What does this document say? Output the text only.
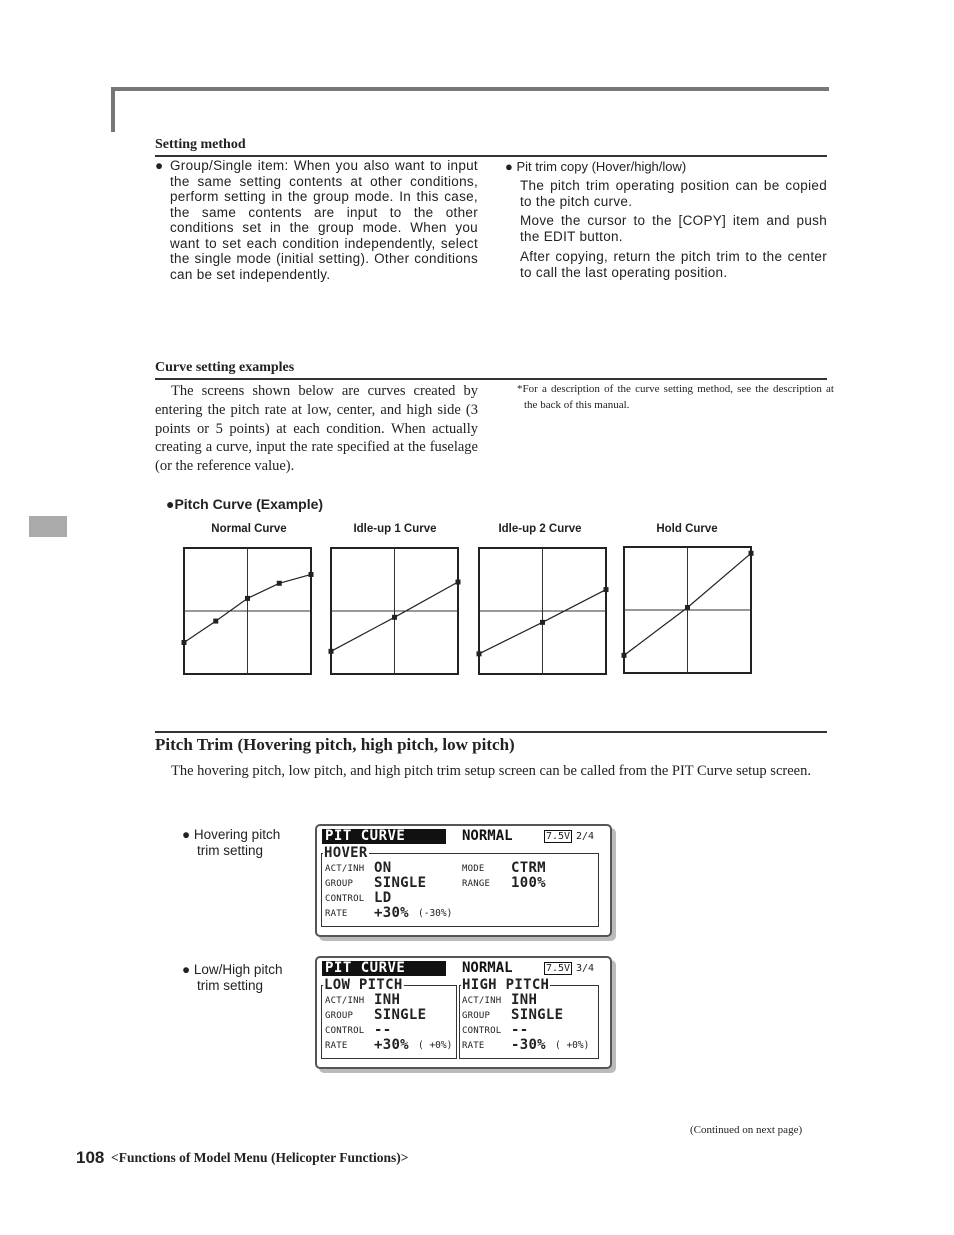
Setting method
● Group/Single item: When you also want to input the same setting contents at other conditions, perform setting in the group mode. In this case, the same contents are input to the other conditions set in the group mode. When you want to set each condition independently, select the single mode (initial setting). Other conditions can be set independently.
● Pit trim copy (Hover/high/low)
The pitch trim operating position can be copied to the pitch curve.
Move the cursor to the [COPY] item and push the EDIT button.
After copying, return the pitch trim to the center to call the last operating position.
Curve setting examples
The screens shown below are curves created by entering the pitch rate at low, center, and high side (3 points or 5 points) at each condition. When actually creating a curve, input the rate specified at the fuselage (or the reference value).
*For a description of the curve setting method, see the description at the back of this manual.
●Pitch Curve (Example)
Normal Curve	Idle-up 1 Curve	Idle-up 2 Curve	Hold Curve
Pitch Trim (Hovering pitch, high pitch, low pitch)
The hovering pitch, low pitch, and high pitch trim setup screen can be called from the PIT Curve setup screen.
● Hovering pitch
trim setting
PIT CURVE	NORMAL	7.5V 2/4
HOVER
ACT/INH ON
GROUP SINGLE
CONTROL LD
RATE +30% (-30%)
MODE CTRM
RANGE 100%
● Low/High pitch
trim setting
PIT CURVE	NORMAL	7.5V 3/4
LOW PITCH
ACT/INH INH
GROUP SINGLE
CONTROL --
RATE +30% ( +0%)
HIGH PITCH
ACT/INH INH
GROUP SINGLE
CONTROL --
RATE -30% ( +0%)
(Continued on next page)
108 <Functions of Model Menu (Helicopter Functions)>
